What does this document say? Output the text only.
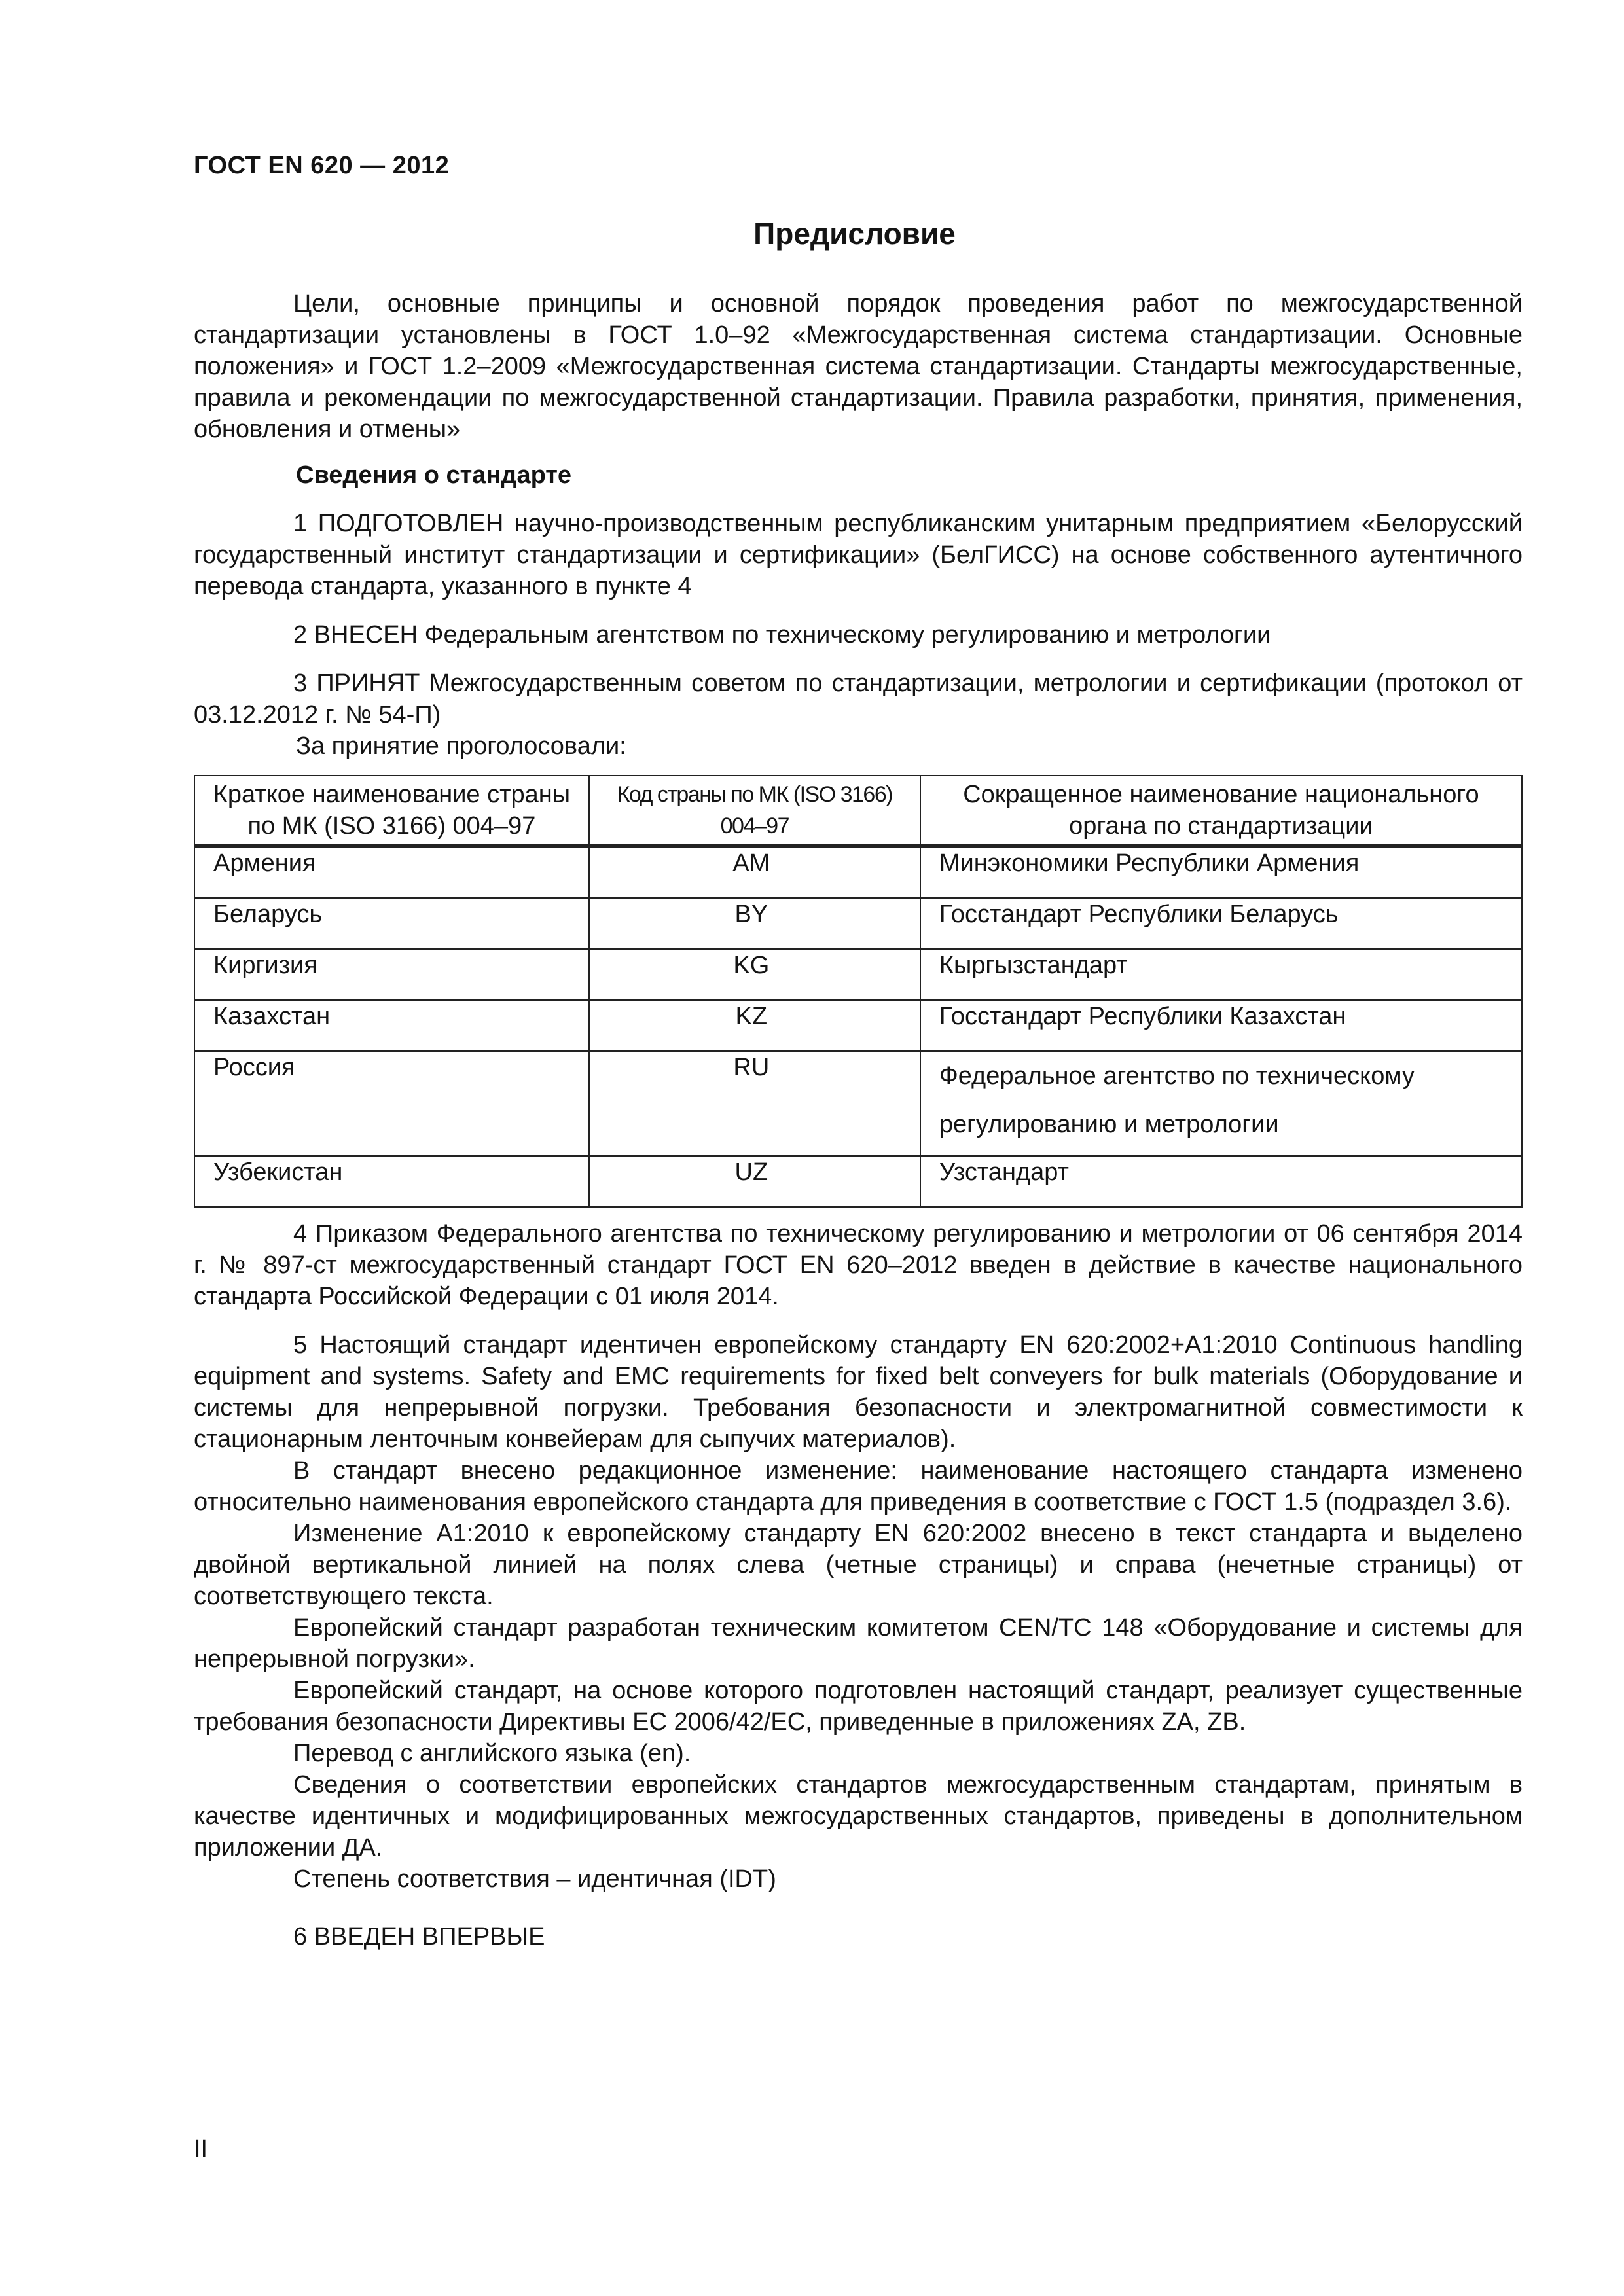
ГОСТ EN 620 — 2012
Предисловие

Цели, основные принципы и основной порядок проведения работ по межгосударственной стандартизации установлены в ГОСТ 1.0–92 «Межгосударственная система стандартизации. Основные положения» и ГОСТ 1.2–2009 «Межгосударственная система стандартизации. Стандарты межгосударственные, правила и рекомендации по межгосударственной стандартизации. Правила разработки, принятия, применения, обновления и отмены»

Сведения о стандарте

1 ПОДГОТОВЛЕН научно-производственным республиканским унитарным предприятием «Белорусский государственный институт стандартизации и сертификации» (БелГИСС) на основе собственного аутентичного перевода стандарта, указанного в пункте 4

2 ВНЕСЕН Федеральным агентством по техническому регулированию и метрологии

3 ПРИНЯТ Межгосударственным советом по стандартизации, метрологии и сертификации (протокол от 03.12.2012 г. № 54-П)

За принятие проголосовали:

Краткое наименование страны по МК (ISO 3166) 004–97	Код страны по МК (ISO 3166) 004–97	Сокращенное наименование национального органа по стандартизации
Армения	AM	Минэкономики Республики Армения
Беларусь	BY	Госстандарт Республики Беларусь
Киргизия	KG	Кыргызстандарт
Казахстан	KZ	Госстандарт Республики Казахстан
Россия	RU	Федеральное агентство по техническому регулированию и метрологии
Узбекистан	UZ	Узстандарт

4 Приказом Федерального агентства по техническому регулированию и метрологии от 06 сентября 2014 г. № 897-ст межгосударственный стандарт ГОСТ EN 620–2012 введен в действие в качестве национального стандарта Российской Федерации с 01 июля 2014.

5 Настоящий стандарт идентичен европейскому стандарту EN 620:2002+A1:2010 Continuous handling equipment and systems. Safety and EMC requirements for fixed belt conveyers for bulk materials (Оборудование и системы для непрерывной погрузки. Требования безопасности и электромагнитной совместимости к стационарным ленточным конвейерам для сыпучих материалов).

В стандарт внесено редакционное изменение: наименование настоящего стандарта изменено относительно наименования европейского стандарта для приведения в соответствие с ГОСТ 1.5 (подраздел 3.6).

Изменение A1:2010 к европейскому стандарту EN 620:2002 внесено в текст стандарта и выделено двойной вертикальной линией на полях слева (четные страницы) и справа (нечетные страницы) от соответствующего текста.

Европейский стандарт разработан техническим комитетом CEN/TC 148 «Оборудование и системы для непрерывной погрузки».

Европейский стандарт, на основе которого подготовлен настоящий стандарт, реализует существенные требования безопасности Директивы ЕС 2006/42/ЕС, приведенные в приложениях ZA, ZB.

Перевод с английского языка (en).

Сведения о соответствии европейских стандартов межгосударственным стандартам, принятым в качестве идентичных и модифицированных межгосударственных стандартов, приведены в дополнительном приложении ДА.

Степень соответствия – идентичная (IDT)

6 ВВЕДЕН ВПЕРВЫЕ

II
